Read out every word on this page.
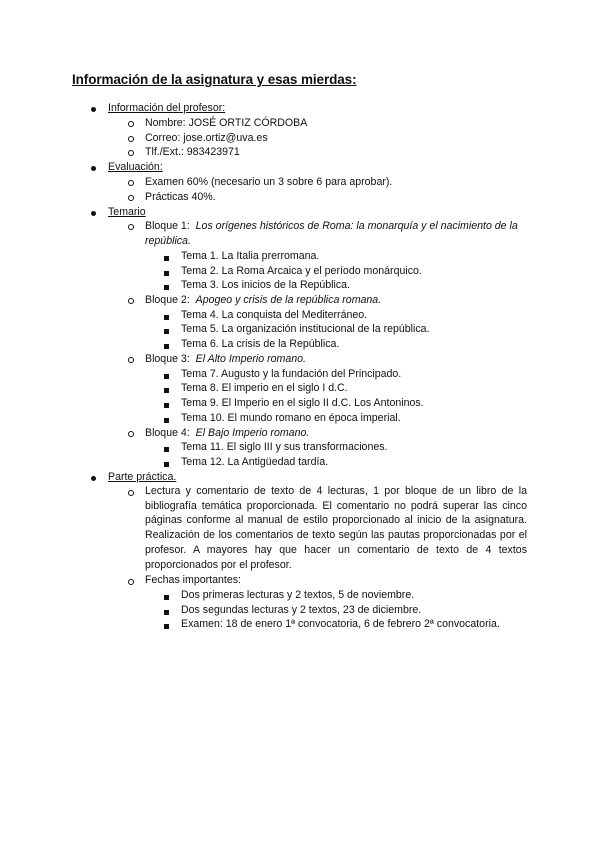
Información de la asignatura y esas mierdas:
Información del profesor:
Nombre: JOSÉ ORTIZ CÓRDOBA
Correo: jose.ortiz@uva.es
Tlf./Ext.: 983423971
Evaluación:
Examen 60% (necesario un 3 sobre 6 para aprobar).
Prácticas 40%.
Temario
Bloque 1: Los orígenes históricos de Roma: la monarquía y el nacimiento de la república.
Tema 1. La Italia prerromana.
Tema 2. La Roma Arcaica y el período monárquico.
Tema 3. Los inicios de la República.
Bloque 2: Apogeo y crisis de la república romana.
Tema 4. La conquista del Mediterráneo.
Tema 5. La organización institucional de la república.
Tema 6. La crisis de la República.
Bloque 3: El Alto Imperio romano.
Tema 7. Augusto y la fundación del Principado.
Tema 8. El imperio en el siglo I d.C.
Tema 9. El Imperio en el siglo II d.C. Los Antoninos.
Tema 10. El mundo romano en época imperial.
Bloque 4: El Bajo Imperio romano.
Tema 11. El siglo III y sus transformaciones.
Tema 12. La Antigüedad tardía.
Parte práctica.
Lectura y comentario de texto de 4 lecturas, 1 por bloque de un libro de la bibliografía temática proporcionada. El comentario no podrá superar las cinco páginas conforme al manual de estilo proporcionado al inicio de la asignatura. Realización de los comentarios de texto según las pautas proporcionadas por el profesor. A mayores hay que hacer un comentario de texto de 4 textos proporcionados por el profesor.
Fechas importantes:
Dos primeras lecturas y 2 textos, 5 de noviembre.
Dos segundas lecturas y 2 textos, 23 de diciembre.
Examen: 18 de enero 1ª convocatoria, 6 de febrero 2ª convocatoria.
